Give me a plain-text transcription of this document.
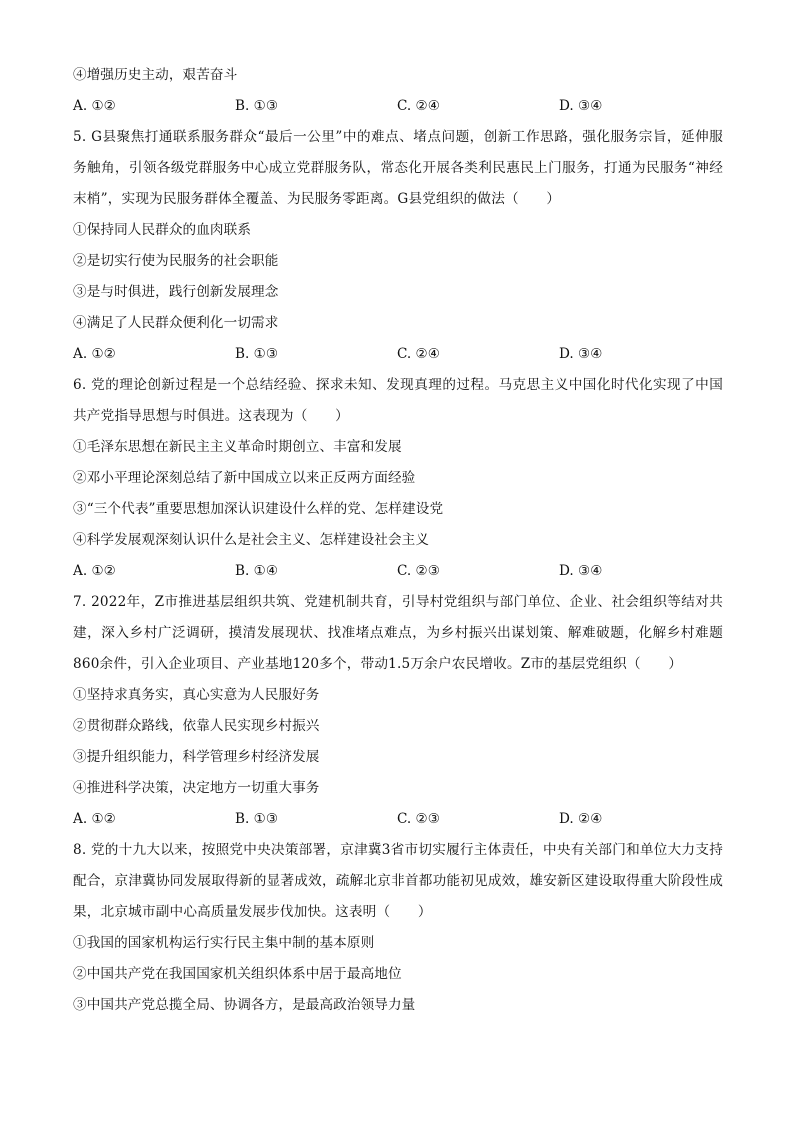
④增强历史主动，艰苦奋斗
A. ①②	B. ①③	C. ②④	D. ③④
5. G县聚焦打通联系服务群众“最后一公里”中的难点、堵点问题，创新工作思路，强化服务宗旨，延伸服务触角，引领各级党群服务中心成立党群服务队，常态化开展各类利民惠民上门服务，打通为民服务“神经末梢”，实现为民服务群体全覆盖、为民服务零距离。G县党组织的做法（　　）
①保持同人民群众的血肉联系
②是切实行使为民服务的社会职能
③是与时俱进，践行创新发展理念
④满足了人民群众便利化一切需求
A. ①②	B. ①③	C. ②④	D. ③④
6. 党的理论创新过程是一个总结经验、探求未知、发现真理的过程。马克思主义中国化时代化实现了中国共产党指导思想与时俱进。这表现为（　　）
①毛泽东思想在新民主主义革命时期创立、丰富和发展
②邓小平理论深刻总结了新中国成立以来正反两方面经验
③“三个代表”重要思想加深认识建设什么样的党、怎样建设党
④科学发展观深刻认识什么是社会主义、怎样建设社会主义
A. ①②	B. ①④	C. ②③	D. ③④
7. 2022年，Z市推进基层组织共筑、党建机制共育，引导村党组织与部门单位、企业、社会组织等结对共建，深入乡村广泛调研，摸清发展现状、找准堵点难点，为乡村振兴出谋划策、解难破题，化解乡村难题860余件，引入企业项目、产业基地120多个，带动1.5万余户农民增收。Z市的基层党组织（　　）
①坚持求真务实，真心实意为人民服好务
②贯彻群众路线，依靠人民实现乡村振兴
③提升组织能力，科学管理乡村经济发展
④推进科学决策，决定地方一切重大事务
A. ①②	B. ①③	C. ②③	D. ②④
8. 党的十九大以来，按照党中央决策部署，京津冀3省市切实履行主体责任，中央有关部门和单位大力支持配合，京津冀协同发展取得新的显著成效，疏解北京非首都功能初见成效，雄安新区建设取得重大阶段性成果，北京城市副中心高质量发展步伐加快。这表明（　　）
①我国的国家机构运行实行民主集中制的基本原则
②中国共产党在我国国家机关组织体系中居于最高地位
③中国共产党总揽全局、协调各方，是最高政治领导力量
